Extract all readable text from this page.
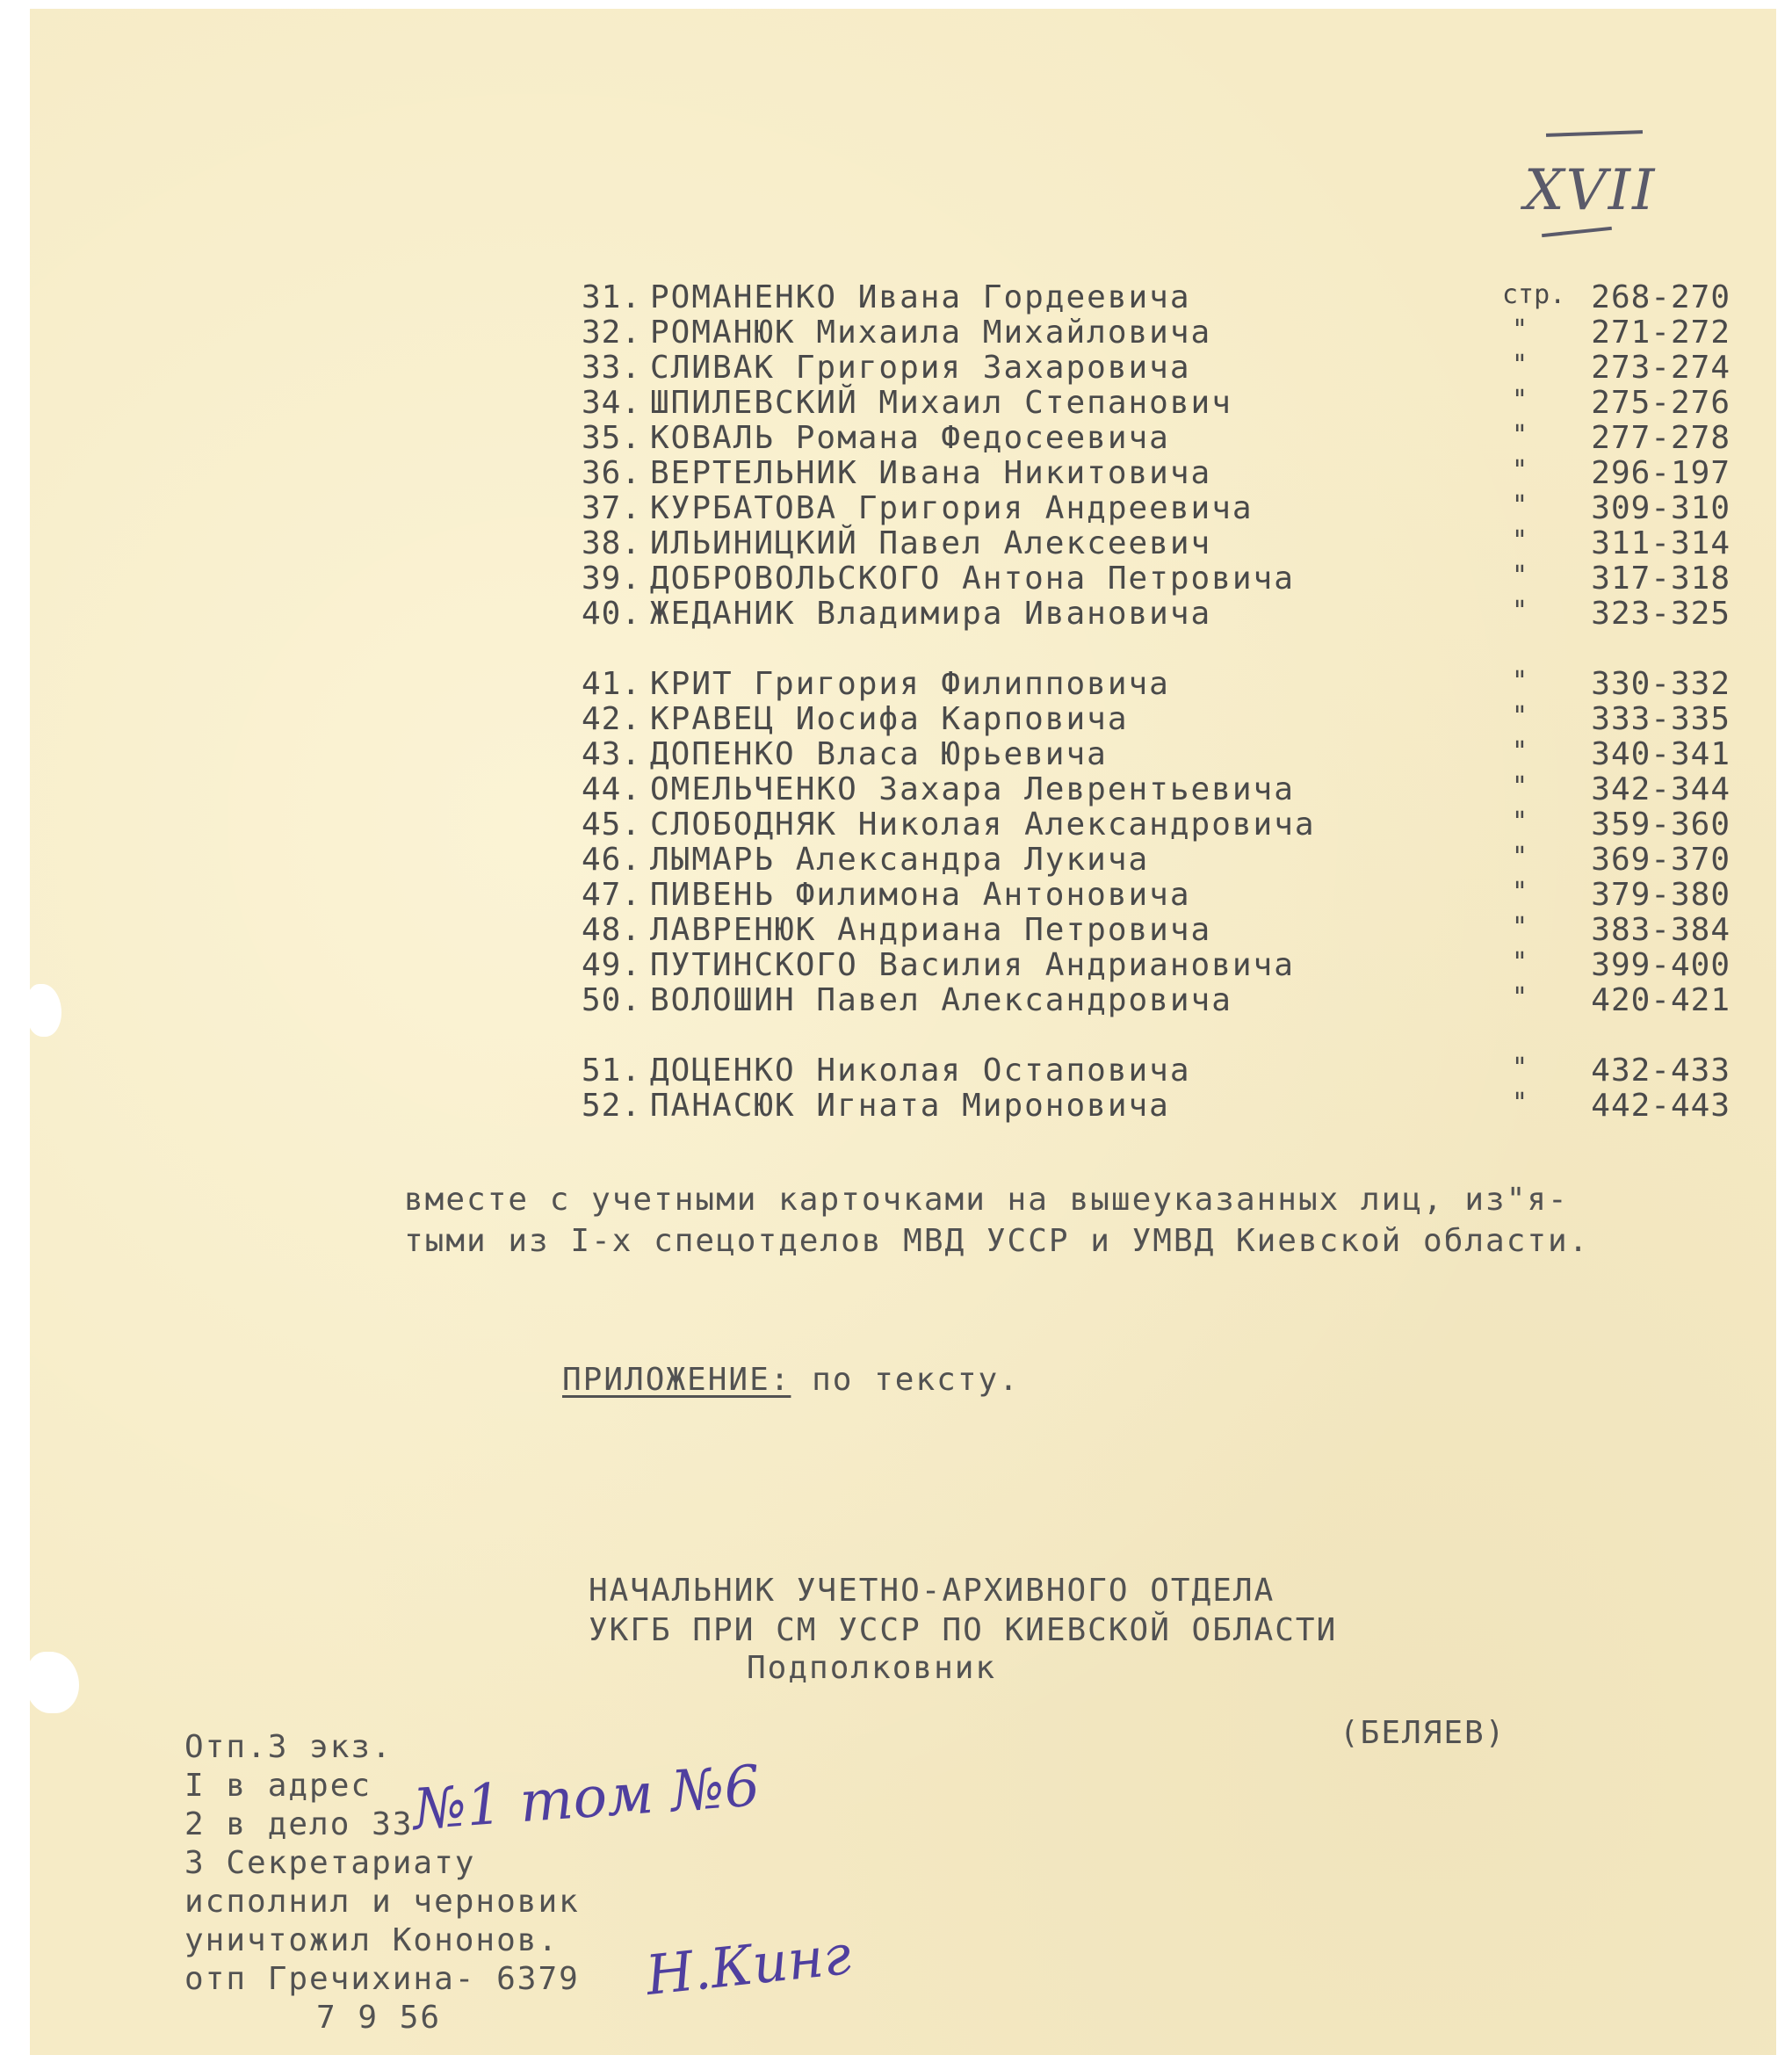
XVII
31. РОМАНЕНКО Ивана Гордеевича	стр. 268-270
32. РОМАНЮК Михаила Михайловича	"	271-272
33. СЛИВАК Григория Захаровича	"	273-274
34. ШПИЛЕВСКИЙ Михаил Степанович	"	275-276
35. КОВАЛЬ Романа Федосеевича	"	277-278
36. ВЕРТЕЛЬНИК Ивана Никитовича	"	296-197
37. КУРБАТОВА Григория Андреевича	"	309-310
38. ИЛЬИНИЦКИЙ Павел Алексеевич	"	311-314
39. ДОБРОВОЛЬСКОГО Антона Петровича	"	317-318
40. ЖЕДАНИК Владимира Ивановича	"	323-325
41. КРИТ Григория Филипповича	"	330-332
42. КРАВЕЦ Иосифа Карповича	"	333-335
43. ДОПЕНКО Власа Юрьевича	"	340-341
44. ОМЕЛЬЧЕНКО Захара Леврентьевича	"	342-344
45. СЛОБОДНЯК Николая Александровича	"	359-360
46. ЛЫМАРЬ Александра Лукича	"	369-370
47. ПИВЕНЬ Филимона Антоновича	"	379-380
48. ЛАВРЕНЮК Андриана Петровича	"	383-384
49. ПУТИНСКОГО Василия Андриановича	"	399-400
50. ВОЛОШИН Павел Александровича	"	420-421
51. ДОЦЕНКО Николая Остаповича	"	432-433
52. ПАНАСЮК Игната Мироновича	"	442-443
вместе с учетными карточками на вышеуказанных лиц, из"я-
тыми из I-х спецотделов МВД УССР и УМВД Киевской области.
ПРИЛОЖЕНИЕ: по тексту.
НАЧАЛЬНИК УЧЕТНО-АРХИВНОГО ОТДЕЛА
УКГБ ПРИ СМ УССР ПО КИЕВСКОЙ ОБЛАСТИ
Подполковник
(БЕЛЯЕВ)
Отп.3 экз.
I в адрес
2 в дело 33
3 Секретариату
исполнил и черновик
уничтожил Кононов.
отп Гречихина- 6379
7 9 56
№1 том №6
Н.Кинг
